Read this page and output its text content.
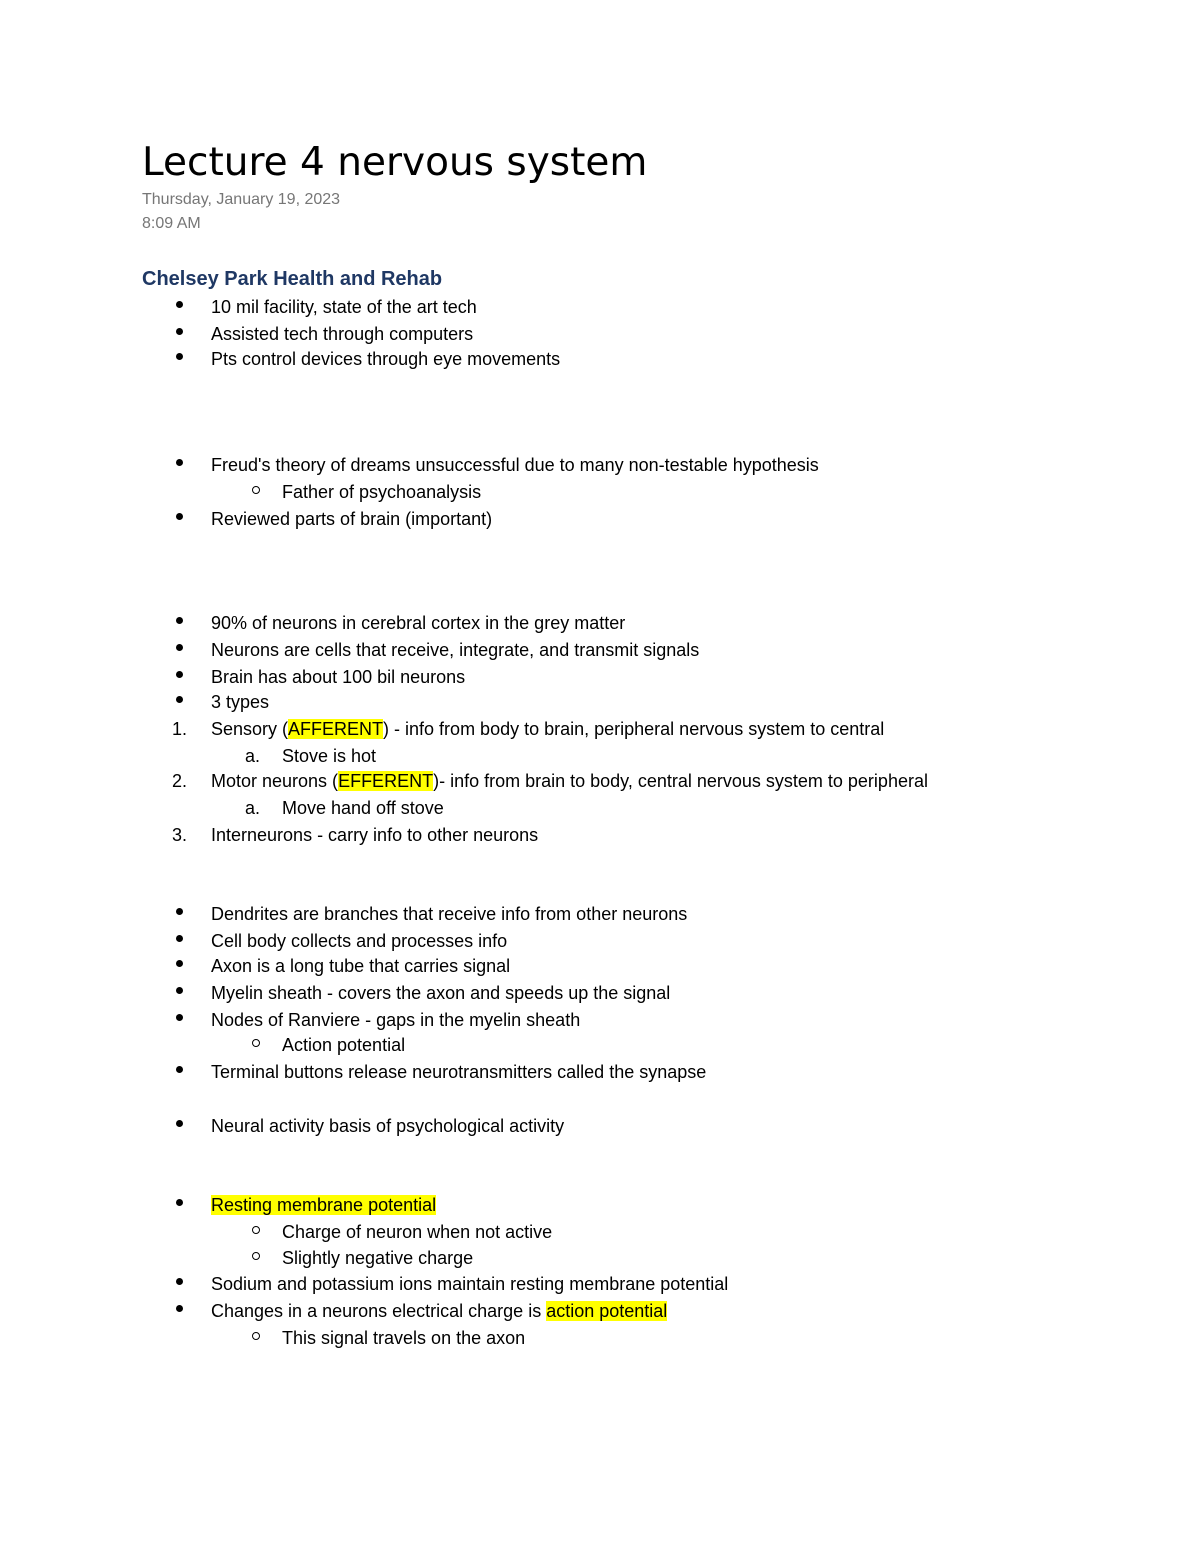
Lecture 4 nervous system
Thursday, January 19, 2023
8:09 AM
Chelsey Park Health and Rehab
10 mil facility, state of the art tech
Assisted tech through computers
Pts control devices through eye movements
Freud's theory of dreams unsuccessful due to many non-testable hypothesis
Father of psychoanalysis
Reviewed parts of brain (important)
90% of neurons in cerebral cortex in the grey matter
Neurons are cells that receive, integrate, and transmit signals
Brain has about 100 bil neurons
3 types
1.	Sensory (AFFERENT) - info from body to brain, peripheral nervous system to central
a.	Stove is hot
2.	Motor neurons (EFFERENT)- info from brain to body, central nervous system to peripheral
a.	Move hand off stove
3.	Interneurons - carry info to other neurons
Dendrites are branches that receive info from other neurons
Cell body collects and processes info
Axon is a long tube that carries signal
Myelin sheath - covers the axon and speeds up the signal
Nodes of Ranviere - gaps in the myelin sheath
Action potential
Terminal buttons release neurotransmitters called the synapse
Neural activity basis of psychological activity
Resting membrane potential
Charge of neuron when not active
Slightly negative charge
Sodium and potassium ions maintain resting membrane potential
Changes in a neurons electrical charge is action potential
This signal travels on the axon
